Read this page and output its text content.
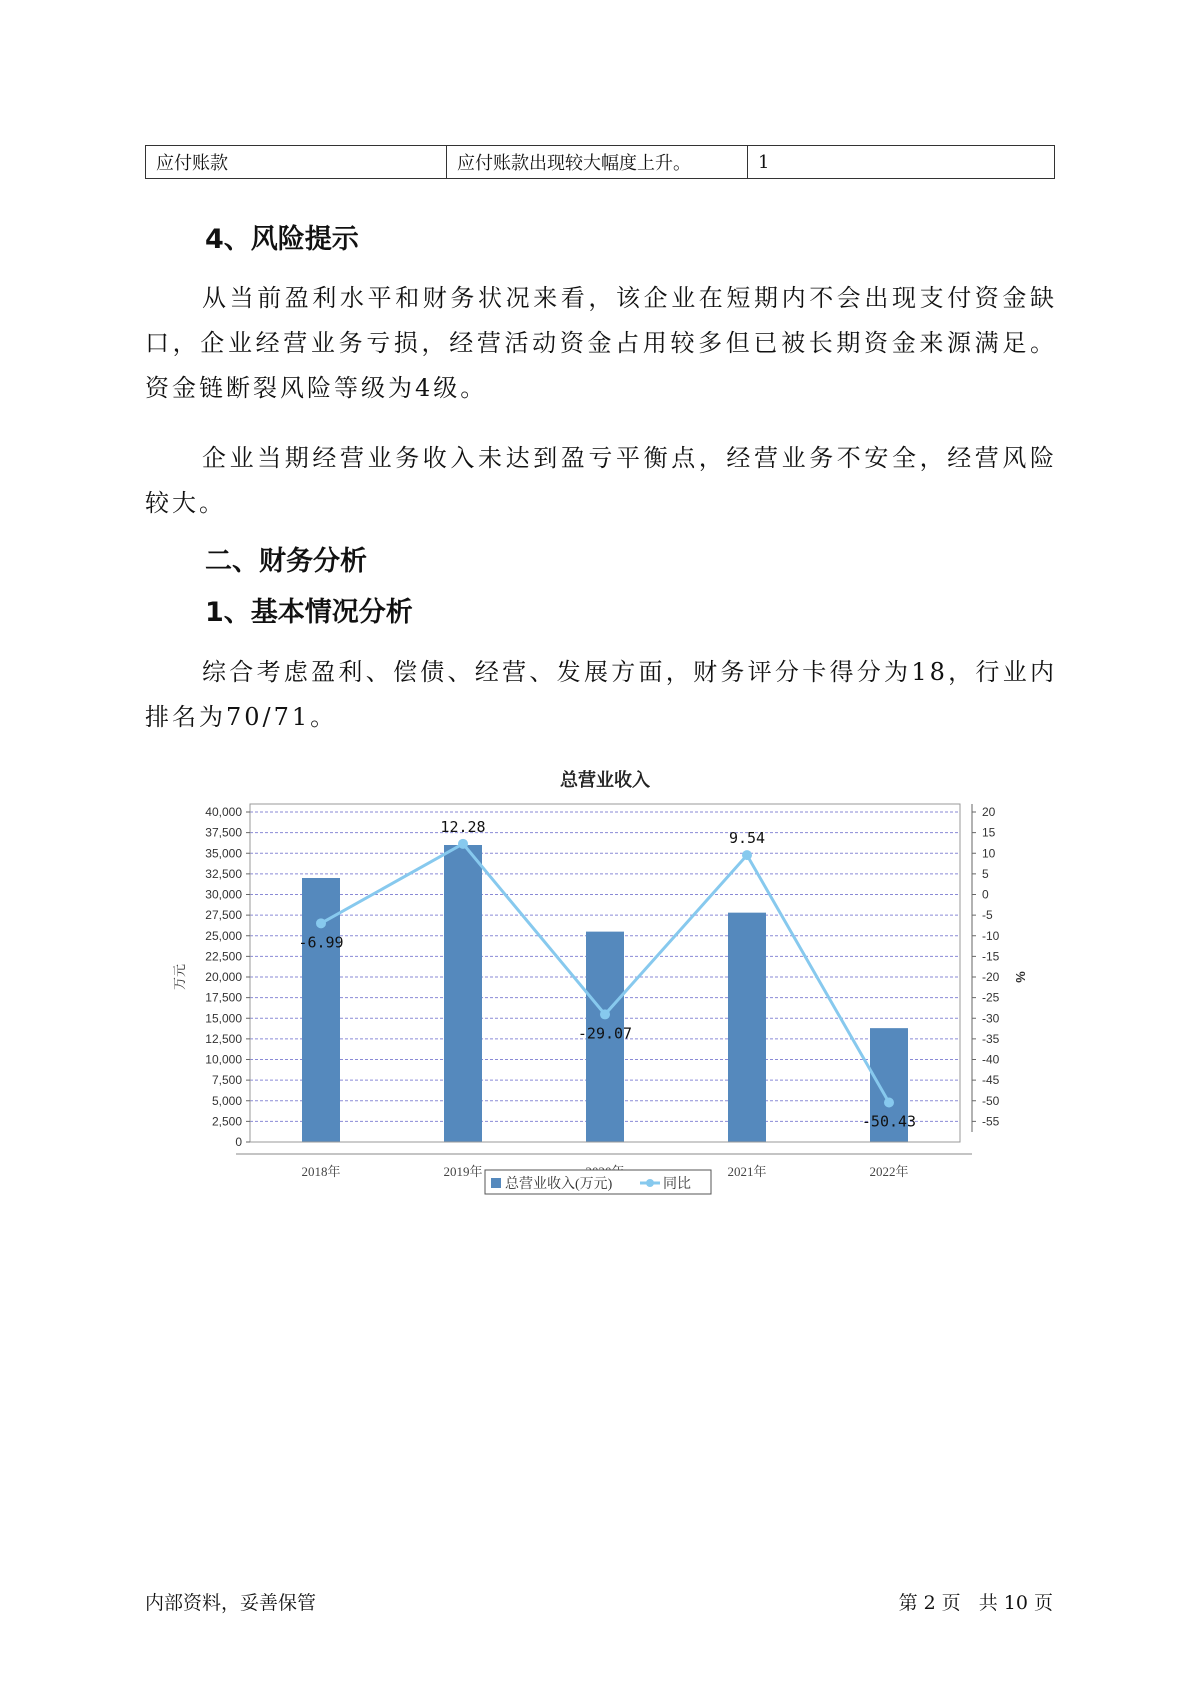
应付账款	应付账款出现较大幅度上升。	1
4、风险提示

从当前盈利水平和财务状况来看，该企业在短期内不会出现支付资金缺口，企业经营业务亏损，经营活动资金占用较多但已被长期资金来源满足。资金链断裂风险等级为4级。

企业当期经营业务收入未达到盈亏平衡点，经营业务不安全，经营风险较大。

二、财务分析
1、基本情况分析

综合考虑盈利、偿债、经营、发展方面，财务评分卡得分为18，行业内排名为70/71。

0
2,500
5,000
7,500
10,000
12,500
15,000
17,500
20,000
22,500
25,000
27,500
30,000
32,500
35,000
37,500
40,000	20
15
10
5
0
-5
-10
-15
-20
-25
-30
-35
-40
-45
-50
-55
万元	%
2018年	2019年	2021年	2022年
总营业收入
-6.99
12.28
-29.07
9.54
-50.43
总营业收入(万元)	同比
内部资料，妥善保管	第 2 页 共 10 页
